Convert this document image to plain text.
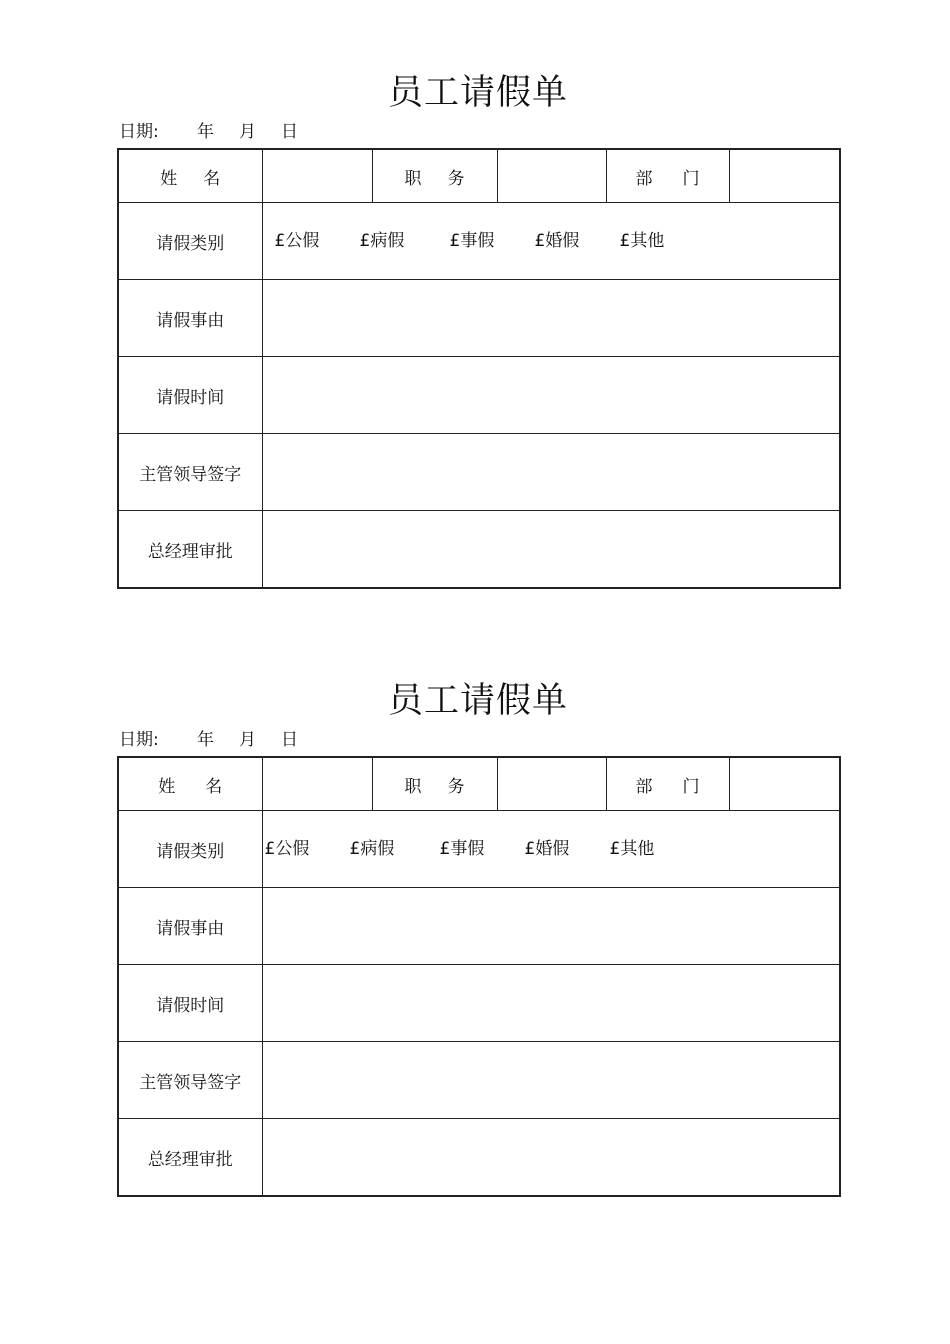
员工请假单
日期: 年 月 日
姓 名		职 务		部 门	
请假类别	£公假 £病假 £事假 £婚假 £其他				

请假事由					
请假时间					
主管领导签字					
总经理审批					
员工请假单
日期: 年 月 日
姓 名		职 务		部 门	
请假类别	£公假 £病假 £事假 £婚假 £其他				

请假事由					
请假时间					
主管领导签字					
总经理审批					
